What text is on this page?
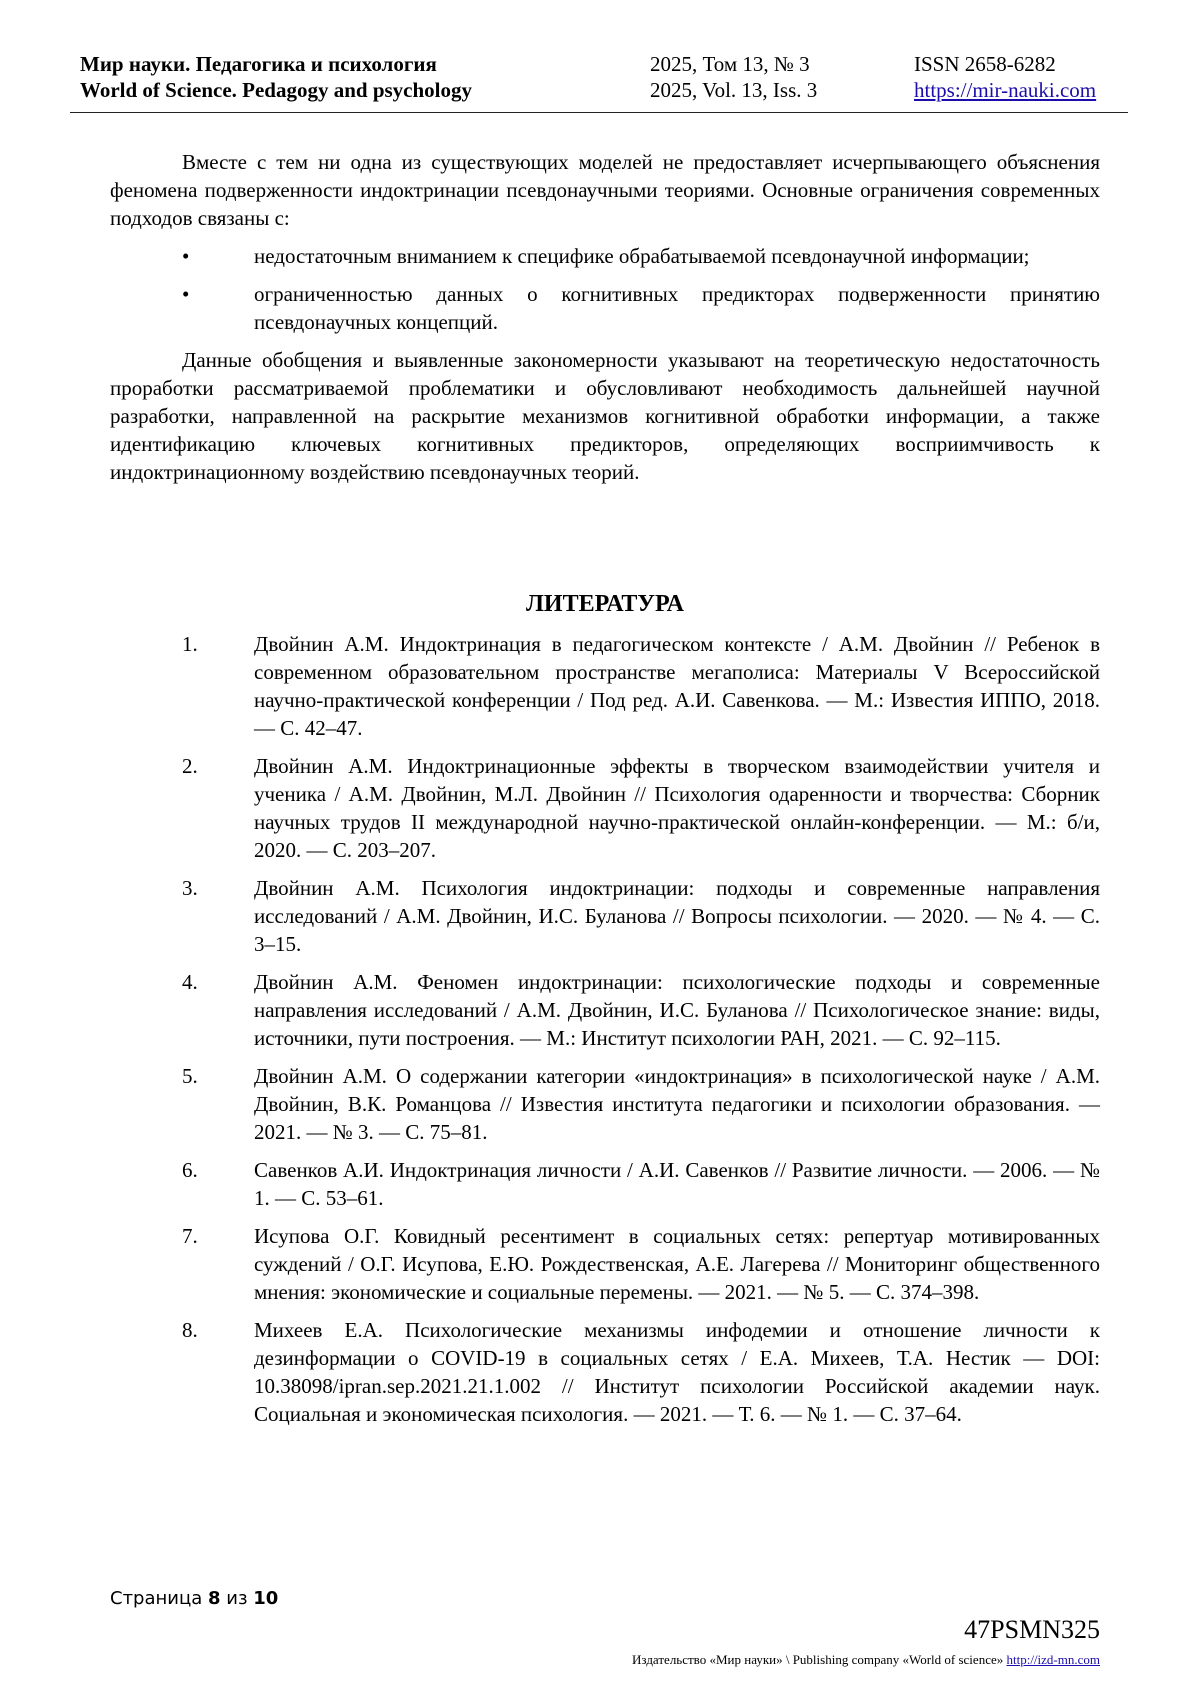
Мир науки. Педагогика и психология
World of Science. Pedagogy and psychology
2025, Том 13, № 3
2025, Vol. 13, Iss. 3
ISSN 2658-6282
https://mir-nauki.com

Вместе с тем ни одна из существующих моделей не предоставляет исчерпывающего объяснения феномена подверженности индоктринации псевдонаучными теориями. Основные ограничения современных подходов связаны с:

•	недостаточным вниманием к специфике обрабатываемой псевдонаучной информации;
•	ограниченностью данных о когнитивных предикторах подверженности принятию псевдонаучных концепций.

Данные обобщения и выявленные закономерности указывают на теоретическую недостаточность проработки рассматриваемой проблематики и обусловливают необходимость дальнейшей научной разработки, направленной на раскрытие механизмов когнитивной обработки информации, а также идентификацию ключевых когнитивных предикторов, определяющих восприимчивость к индоктринационному воздействию псевдонаучных теорий.

ЛИТЕРАТУРА
1.	Двойнин А.М. Индоктринация в педагогическом контексте / А.М. Двойнин // Ребенок в современном образовательном пространстве мегаполиса: Материалы V Всероссийской научно-практической конференции / Под ред. А.И. Савенкова. — М.: Известия ИППО, 2018. — С. 42–47.
2.	Двойнин А.М. Индоктринационные эффекты в творческом взаимодействии учителя и ученика / А.М. Двойнин, М.Л. Двойнин // Психология одаренности и творчества: Сборник научных трудов II международной научно-практической онлайн-конференции. — М.: б/и, 2020. — С. 203–207.
3.	Двойнин А.М. Психология индоктринации: подходы и современные направления исследований / А.М. Двойнин, И.С. Буланова // Вопросы психологии. — 2020. — № 4. — С. 3–15.
4.	Двойнин А.М. Феномен индоктринации: психологические подходы и современные направления исследований / А.М. Двойнин, И.С. Буланова // Психологическое знание: виды, источники, пути построения. — М.: Институт психологии РАН, 2021. — С. 92–115.
5.	Двойнин А.М. О содержании категории «индоктринация» в психологической науке / А.М. Двойнин, В.К. Романцова // Известия института педагогики и психологии образования. — 2021. — № 3. — С. 75–81.
6.	Савенков А.И. Индоктринация личности / А.И. Савенков // Развитие личности. — 2006. — № 1. — С. 53–61.
7.	Исупова О.Г. Ковидный ресентимент в социальных сетях: репертуар мотивированных суждений / О.Г. Исупова, Е.Ю. Рождественская, А.Е. Лагерева // Мониторинг общественного мнения: экономические и социальные перемены. — 2021. — № 5. — С. 374–398.
8.	Михеев Е.А. Психологические механизмы инфодемии и отношение личности к дезинформации о COVID-19 в социальных сетях / Е.А. Михеев, Т.А. Нестик — DOI: 10.38098/ipran.sep.2021.21.1.002 // Институт психологии Российской академии наук. Социальная и экономическая психология. — 2021. — Т. 6. — № 1. — С. 37–64.
Страница 8 из 10
47PSMN325
Издательство «Мир науки» \ Publishing company «World of science» http://izd-mn.com
